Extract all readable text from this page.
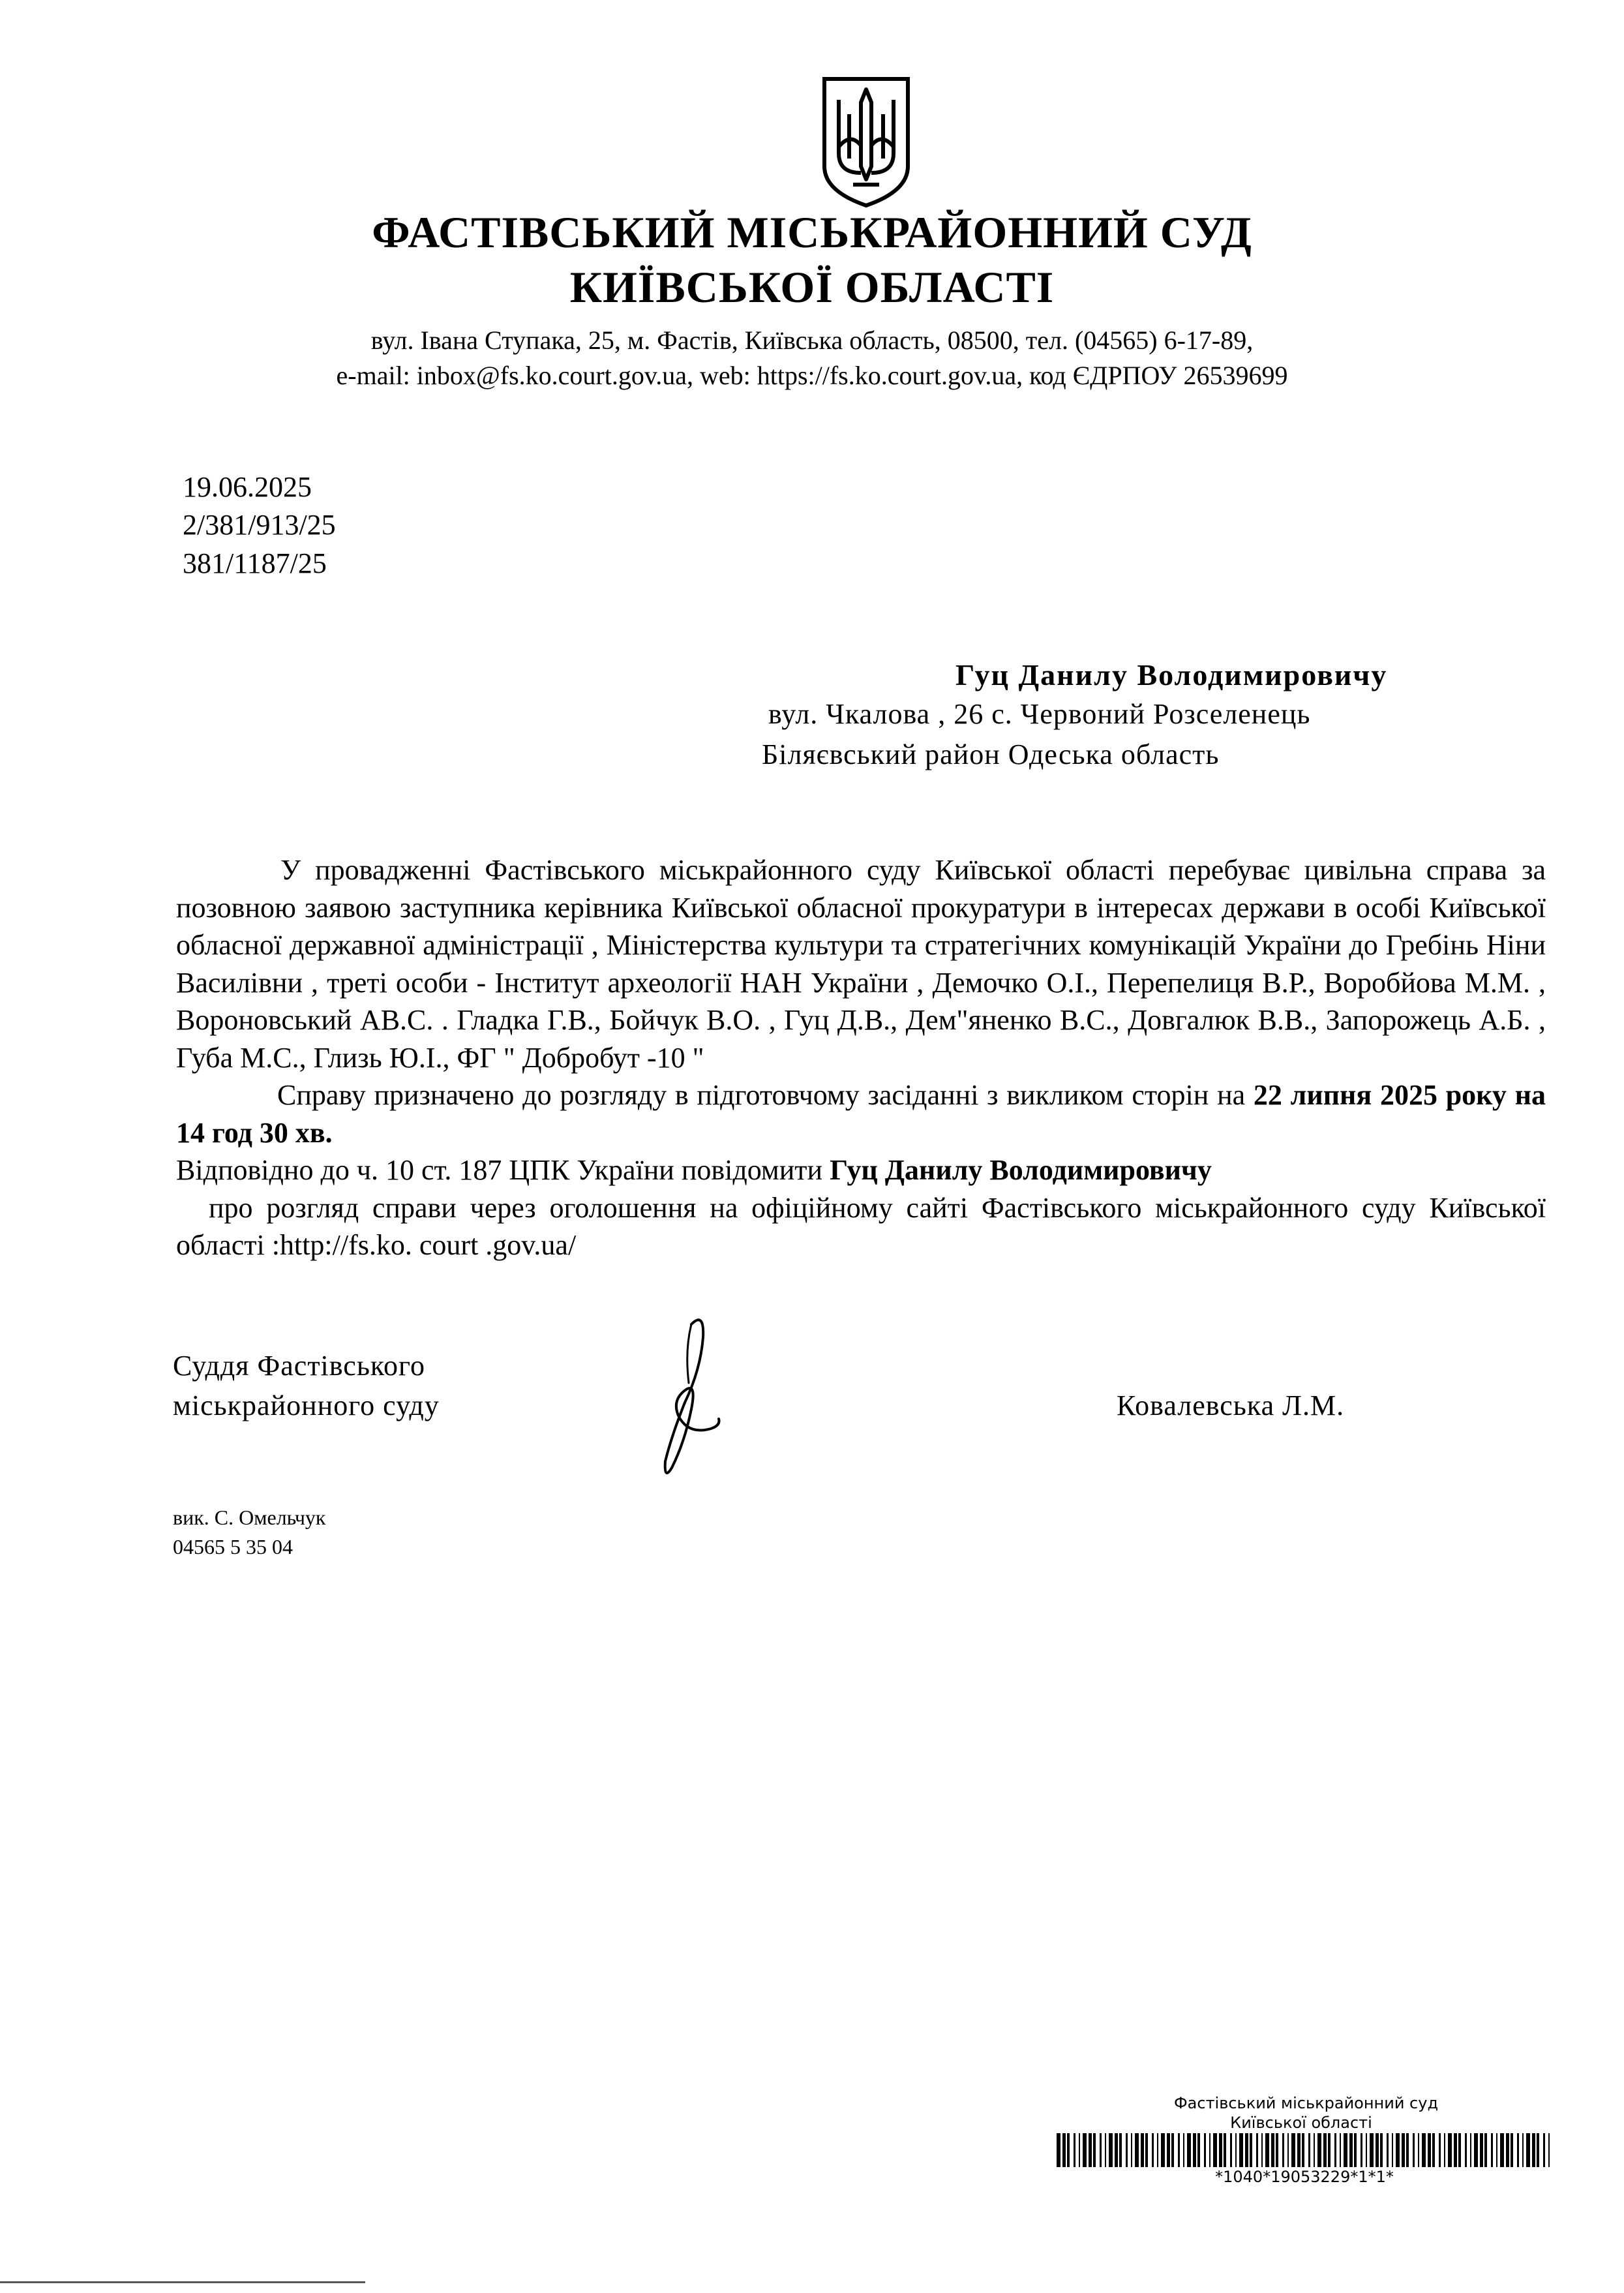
ФАСТІВСЬКИЙ МІСЬКРАЙОННИЙ СУД
КИЇВСЬКОЇ ОБЛАСТІ
вул. Івана Ступака, 25, м. Фастів, Київська область, 08500, тел. (04565) 6-17-89,
e-mail: inbox@fs.ko.court.gov.ua, web: https://fs.ko.court.gov.ua, код ЄДРПОУ 26539699
19.06.2025
2/381/913/25
381/1187/25
Гуц Данилу Володимировичу
вул. Чкалова , 26 с. Червоний Розселенець
Біляєвський район Одеська область

У провадженні Фастівського міськрайонного суду Київської області перебуває цивільна справа за позовною заявою заступника керівника Київської обласної прокуратури в інтересах держави в особі Київської обласної державної адміністрації , Міністерства культури та стратегічних комунікацій України до Гребінь Ніни Василівни , треті особи - Інститут археології НАН України , Демочко О.І., Перепелиця В.Р., Воробйова М.М. , Вороновський АВ.С. . Гладка Г.В., Бойчук В.О. , Гуц Д.В., Дем"яненко В.С., Довгалюк В.В., Запорожець А.Б. , Губа М.С., Глизь Ю.І., ФГ " Добробут -10 "

Справу призначено до розгляду в підготовчому засіданні з викликом сторін на 22 липня 2025 року на 14 год 30 хв.

Відповідно до ч. 10 ст. 187 ЦПК України повідомити Гуц Данилу Володимировичу

про розгляд справи через оголошення на офіційному сайті Фастівського міськрайонного суду Київської області :http://fs.ko. court .gov.ua/

Суддя Фастівського
міськрайонного суду	Ковалевська Л.М.
вик. С. Омельчук
04565 5 35 04
Фастівський міськрайонний суд
Київської області
*1040*19053229*1*1*
